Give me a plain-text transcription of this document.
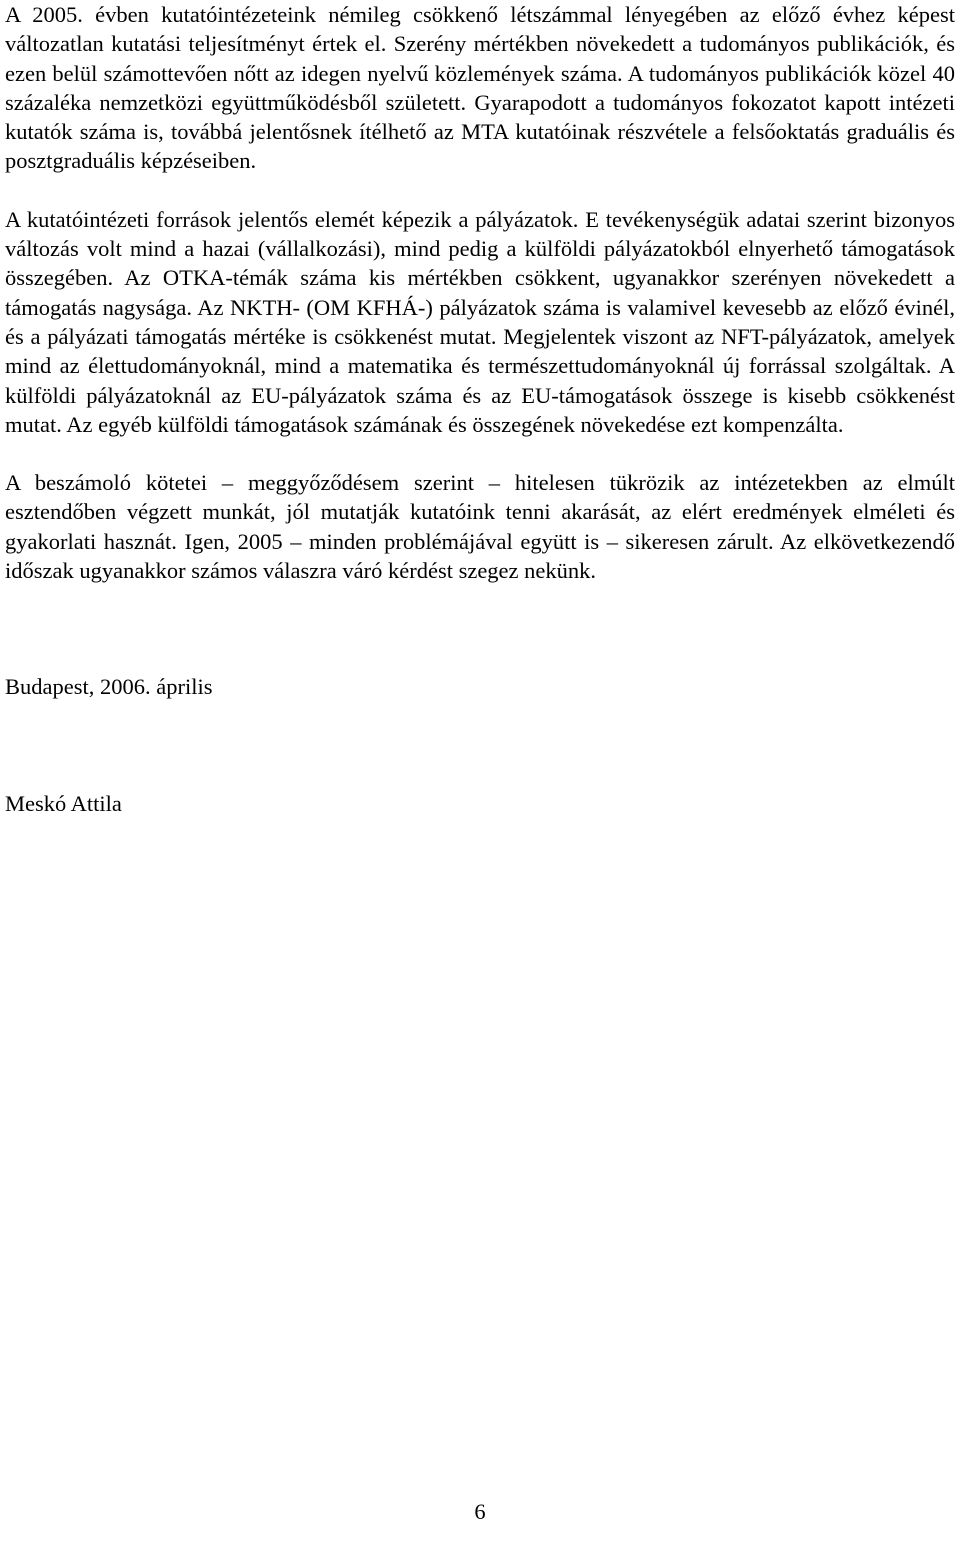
A 2005. évben kutatóintézeteink némileg csökkenő létszámmal lényegében az előző évhez képest változatlan kutatási teljesítményt értek el. Szerény mértékben növekedett a tudományos publikációk, és ezen belül számottevően nőtt az idegen nyelvű közlemények száma. A tudományos publikációk közel 40 százaléka nemzetközi együttműködésből született. Gyarapodott a tudományos fokozatot kapott intézeti kutatók száma is, továbbá jelentősnek ítélhető az MTA kutatóinak részvétele a felsőoktatás graduális és posztgraduális képzéseiben.

A kutatóintézeti források jelentős elemét képezik a pályázatok. E tevékenységük adatai szerint bizonyos változás volt mind a hazai (vállalkozási), mind pedig a külföldi pályázatokból elnyerhető támogatások összegében. Az OTKA-témák száma kis mértékben csökkent, ugyanakkor szerényen növekedett a támogatás nagysága. Az NKTH- (OM KFHÁ-) pályázatok száma is valamivel kevesebb az előző évinél, és a pályázati támogatás mértéke is csökkenést mutat. Megjelentek viszont az NFT-pályázatok, amelyek mind az élettudományoknál, mind a matematika és természettudományoknál új forrással szolgáltak. A külföldi pályázatoknál az EU-pályázatok száma és az EU-támogatások összege is kisebb csökkenést mutat. Az egyéb külföldi támogatások számának és összegének növekedése ezt kompenzálta.

A beszámoló kötetei – meggyőződésem szerint – hitelesen tükrözik az intézetekben az elmúlt esztendőben végzett munkát, jól mutatják kutatóink tenni akarását, az elért eredmények elméleti és gyakorlati hasznát. Igen, 2005 – minden problémájával együtt is – sikeresen zárult. Az elkövetkezendő időszak ugyanakkor számos válaszra váró kérdést szegez nekünk.

Budapest, 2006. április

Meskó Attila

6
